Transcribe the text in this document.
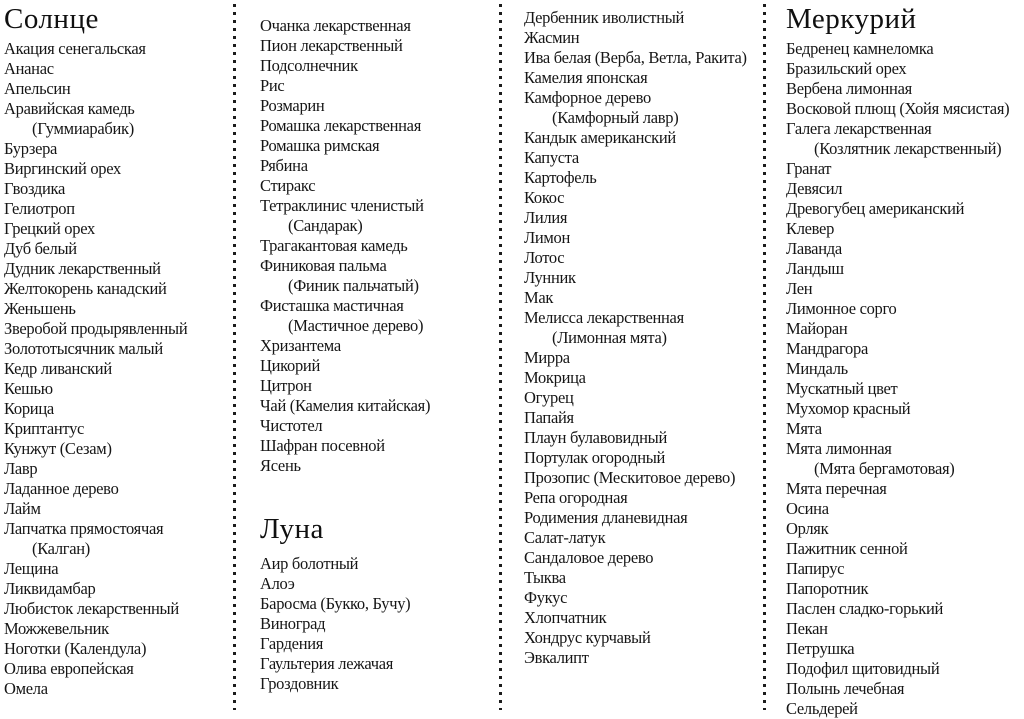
Солнце
Акация сенегальская
Ананас
Апельсин
Аравийская камедь
(Гуммиарабик)
Бурзера
Виргинский орех
Гвоздика
Гелиотроп
Грецкий орех
Дуб белый
Дудник лекарственный
Желтокорень канадский
Женьшень
Зверобой продырявленный
Золототысячник малый
Кедр ливанский
Кешью
Корица
Криптантус
Кунжут (Сезам)
Лавр
Ладанное дерево
Лайм
Лапчатка прямостоячая
(Калган)
Лещина
Ликвидамбар
Любисток лекарственный
Можжевельник
Ноготки (Календула)
Олива европейская
Омела
Очанка лекарственная
Пион лекарственный
Подсолнечник
Рис
Розмарин
Ромашка лекарственная
Ромашка римская
Рябина
Стиракс
Тетраклинис членистый
(Сандарак)
Трагакантовая камедь
Финиковая пальма
(Финик пальчатый)
Фисташка мастичная
(Мастичное дерево)
Хризантема
Цикорий
Цитрон
Чай (Камелия китайская)
Чистотел
Шафран посевной
Ясень
Луна
Аир болотный
Алоэ
Баросма (Букко, Бучу)
Виноград
Гардения
Гаультерия лежачая
Гроздовник
Дербенник иволистный
Жасмин
Ива белая (Верба, Ветла, Ракита)
Камелия японская
Камфорное дерево
(Камфорный лавр)
Кандык американский
Капуста
Картофель
Кокос
Лилия
Лимон
Лотос
Лунник
Мак
Мелисса лекарственная
(Лимонная мята)
Мирра
Мокрица
Огурец
Папайя
Плаун булавовидный
Портулак огородный
Прозопис (Мескитовое дерево)
Репа огородная
Родимения дланевидная
Салат-латук
Сандаловое дерево
Тыква
Фукус
Хлопчатник
Хондрус курчавый
Эвкалипт
Меркурий
Бедренец камнеломка
Бразильский орех
Вербена лимонная
Восковой плющ (Хойя мясистая)
Галега лекарственная
(Козлятник лекарственный)
Гранат
Девясил
Древогубец американский
Клевер
Лаванда
Ландыш
Лен
Лимонное сорго
Майоран
Мандрагора
Миндаль
Мускатный цвет
Мухомор красный
Мята
Мята лимонная
(Мята бергамотовая)
Мята перечная
Осина
Орляк
Пажитник сенной
Папирус
Папоротник
Паслен сладко-горький
Пекан
Петрушка
Подофил щитовидный
Полынь лечебная
Сельдерей
